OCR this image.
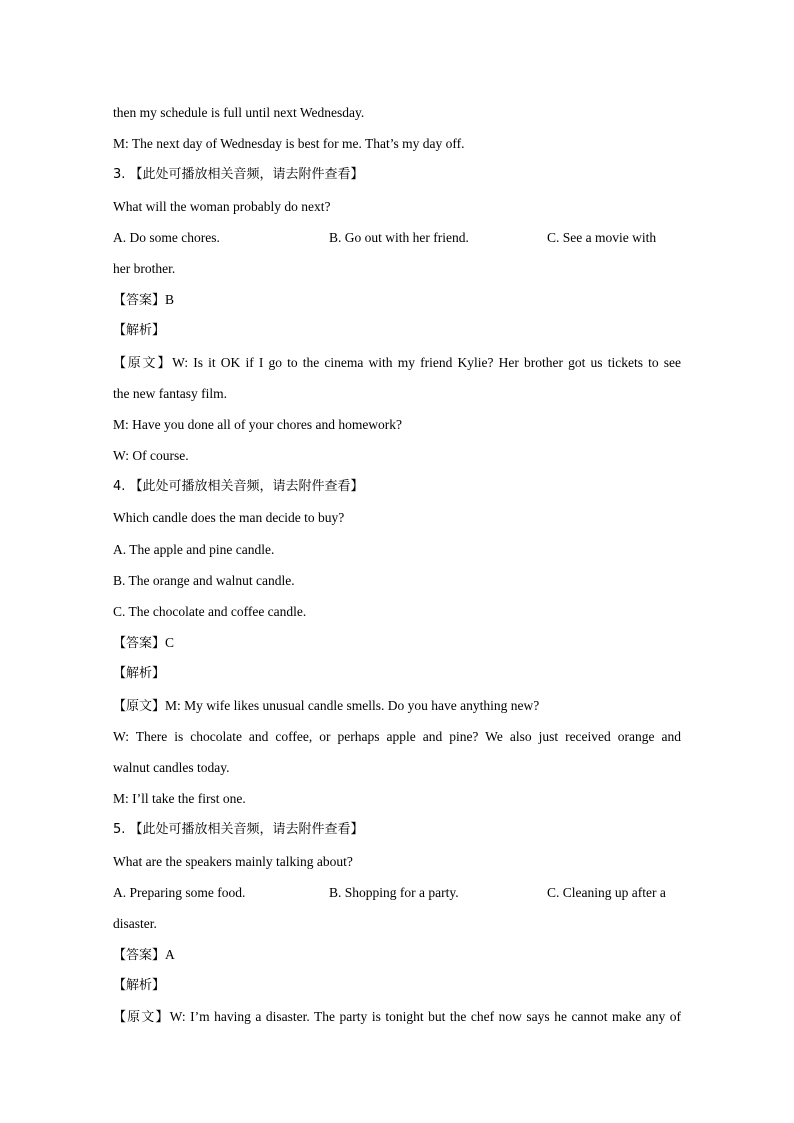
then my schedule is full until next Wednesday.
M: The next day of Wednesday is best for me. That’s my day off.
3. 【此处可播放相关音频，请去附件查看】
What will the woman probably do next?
A. Do some chores.	B. Go out with her friend.	C. See a movie with
her brother.
【答案】B
【解析】
【原文】W: Is it OK if I go to the cinema with my friend Kylie? Her brother got us tickets to see
the new fantasy film.
M: Have you done all of your chores and homework?
W: Of course.
4. 【此处可播放相关音频，请去附件查看】
Which candle does the man decide to buy?
A. The apple and pine candle.
B. The orange and walnut candle.
C. The chocolate and coffee candle.
【答案】C
【解析】
【原文】M: My wife likes unusual candle smells. Do you have anything new?
W: There is chocolate and coffee, or perhaps apple and pine? We also just received orange and
walnut candles today.
M: I’ll take the first one.
5. 【此处可播放相关音频，请去附件查看】
What are the speakers mainly talking about?
A. Preparing some food.	B. Shopping for a party.	C. Cleaning up after a
disaster.
【答案】A
【解析】
【原文】W: I’m having a disaster. The party is tonight but the chef now says he cannot make any of
